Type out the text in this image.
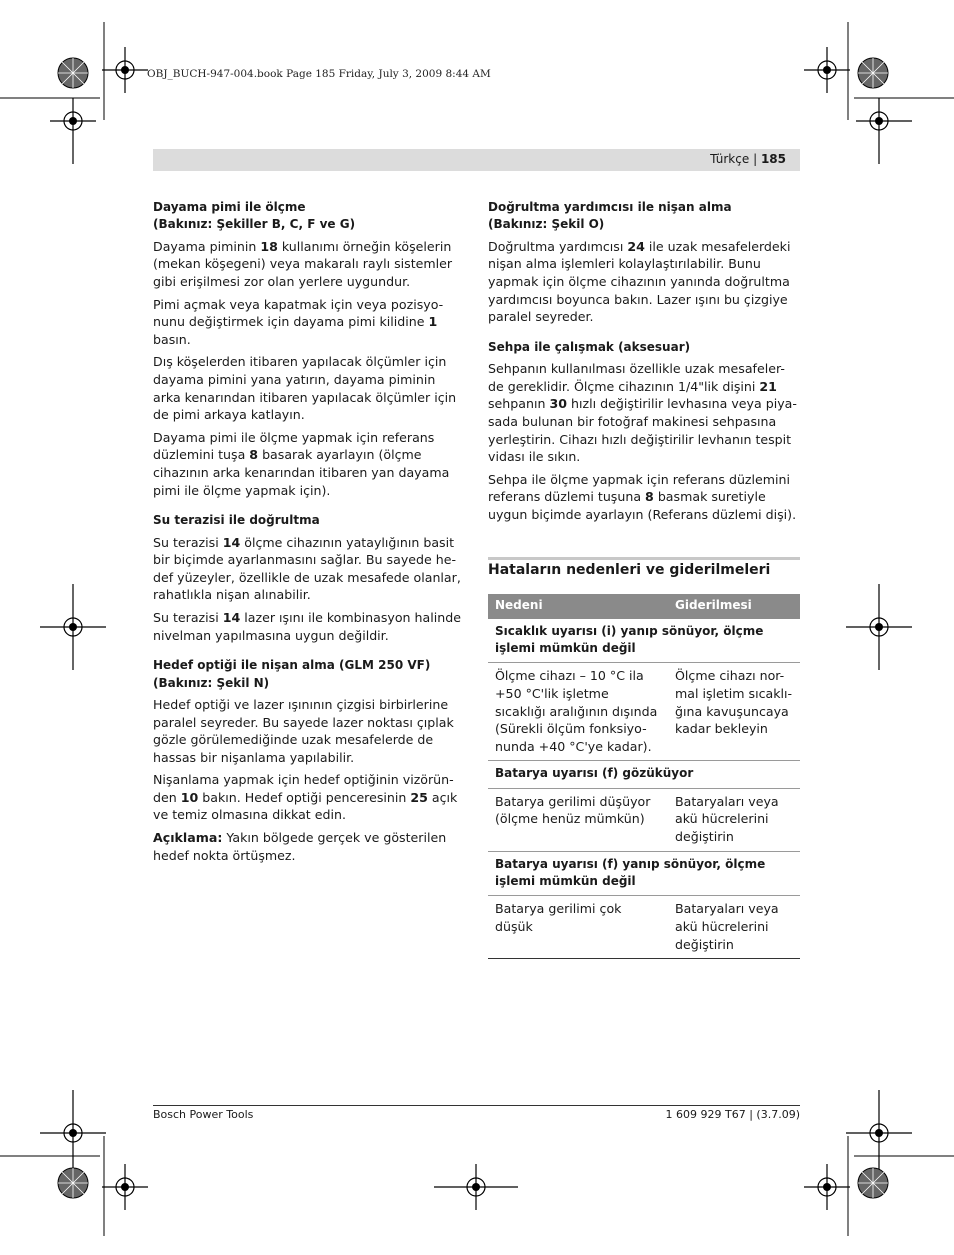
OBJ_BUCH-947-004.book Page 185 Friday, July 3, 2009 8:44 AM
Türkçe | 185
Dayama pimi ile ölçme
(Bakınız: Şekiller B, C, F ve G)

Dayama piminin 18 kullanımı örneğin köşelerin (mekan köşegeni) veya makaralı raylı sistemler gibi erişilmesi zor olan yerlere uygundur.

Pimi açmak veya kapatmak için veya pozisyo-nunu değiştirmek için dayama pimi kilidine 1 basın.

Dış köşelerden itibaren yapılacak ölçümler için dayama pimini yana yatırın, dayama piminin arka kenarından itibaren yapılacak ölçümler için de pimi arkaya katlayın.

Dayama pimi ile ölçme yapmak için referans düzlemini tuşa 8 basarak ayarlayın (ölçme cihazının arka kenarından itibaren yan dayama pimi ile ölçme yapmak için).

Su terazisi ile doğrultma

Su terazisi 14 ölçme cihazının yataylığının basit bir biçimde ayarlanmasını sağlar. Bu sayede he-def yüzeyler, özellikle de uzak mesafede olanlar, rahatlıkla nişan alınabilir.

Su terazisi 14 lazer ışını ile kombinasyon halinde nivelman yapılmasına uygun değildir.

Hedef optiği ile nişan alma (GLM 250 VF)
(Bakınız: Şekil N)

Hedef optiği ve lazer ışınının çizgisi birbirlerine paralel seyreder. Bu sayede lazer noktası çıplak gözle görülemediğinde uzak mesafelerde de hassas bir nişanlama yapılabilir.

Nişanlama yapmak için hedef optiğinin vizörün-den 10 bakın. Hedef optiği penceresinin 25 açık ve temiz olmasına dikkat edin.

Açıklama: Yakın bölgede gerçek ve gösterilen hedef nokta örtüşmez.

Doğrultma yardımcısı ile nişan alma
(Bakınız: Şekil O)

Doğrultma yardımcısı 24 ile uzak mesafelerdeki nişan alma işlemleri kolaylaştırılabilir. Bunu yapmak için ölçme cihazının yanında doğrultma yardımcısı boyunca bakın. Lazer ışını bu çizgiye paralel seyreder.

Sehpa ile çalışmak (aksesuar)

Sehpanın kullanılması özellikle uzak mesafeler-de gereklidir. Ölçme cihazının 1/4"lik dişini 21 sehpanın 30 hızlı değiştirilir levhasına veya piya-sada bulunan bir fotoğraf makinesi sehpasına yerleştirin. Cihazı hızlı değiştirilir levhanın tespit vidası ile sıkın.

Sehpa ile ölçme yapmak için referans düzlemini referans düzlemi tuşuna 8 basmak suretiyle uygun biçimde ayarlayın (Referans düzlemi dişi).

Hataların nedenleri ve giderilmeleri
Nedeni	Giderilmesi
Sıcaklık uyarısı (i) yanıp sönüyor, ölçme işlemi mümkün değil	
Ölçme cihazı – 10 °C ila +50 °C'lik işletme sıcaklığı aralığının dışında (Sürekli ölçüm fonksiyo-nunda +40 °C'ye kadar).	Ölçme cihazı nor-mal işletim sıcaklı-ğına kavuşuncaya kadar bekleyin
Batarya uyarısı (f) gözüküyor	
Batarya gerilimi düşüyor (ölçme henüz mümkün)	Bataryaları veya akü hücrelerini değiştirin
Batarya uyarısı (f) yanıp sönüyor, ölçme işlemi mümkün değil	
Batarya gerilimi çok düşük	Bataryaları veya akü hücrelerini değiştirin
Bosch Power Tools	1 609 929 T67 | (3.7.09)
